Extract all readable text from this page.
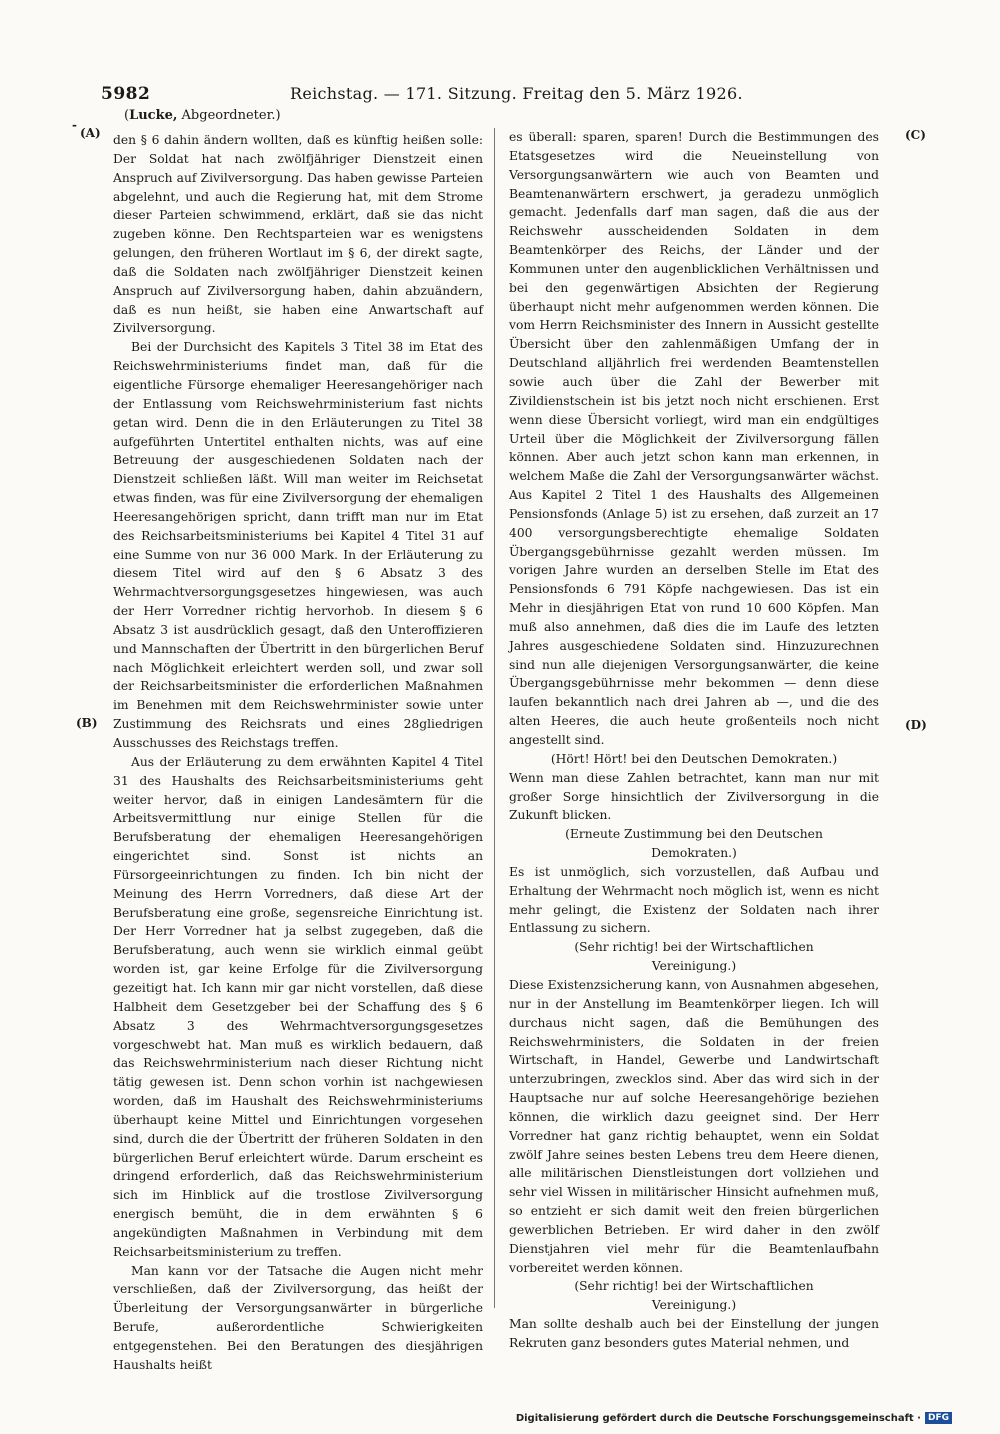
5982	Reichstag. — 171. Sitzung. Freitag den 5. März 1926.
(Lucke, Abgeordneter.)
-
(A)
(B)
(C)
(D)

den § 6 dahin ändern wollten, daß es künftig heißen solle: Der Soldat hat nach zwölfjähriger Dienstzeit einen Anspruch auf Zivilversorgung. Das haben gewisse Parteien abgelehnt, und auch die Regierung hat, mit dem Strome dieser Parteien schwimmend, erklärt, daß sie das nicht zugeben könne. Den Rechtsparteien war es wenigstens gelungen, den früheren Wortlaut im § 6, der direkt sagte, daß die Soldaten nach zwölfjähriger Dienstzeit keinen Anspruch auf Zivilversorgung haben, dahin abzuändern, daß es nun heißt, sie haben eine Anwartschaft auf Zivilversorgung.

Bei der Durchsicht des Kapitels 3 Titel 38 im Etat des Reichswehrministeriums findet man, daß für die eigentliche Fürsorge ehemaliger Heeresangehöriger nach der Entlassung vom Reichswehrministerium fast nichts getan wird. Denn die in den Erläuterungen zu Titel 38 aufgeführten Untertitel enthalten nichts, was auf eine Betreuung der ausgeschiedenen Soldaten nach der Dienstzeit schließen läßt. Will man weiter im Reichsetat etwas finden, was für eine Zivilversorgung der ehemaligen Heeresangehörigen spricht, dann trifft man nur im Etat des Reichsarbeitsministeriums bei Kapitel 4 Titel 31 auf eine Summe von nur 36 000 Mark. In der Erläuterung zu diesem Titel wird auf den § 6 Absatz 3 des Wehrmachtversorgungsgesetzes hingewiesen, was auch der Herr Vorredner richtig hervorhob. In diesem § 6 Absatz 3 ist ausdrücklich gesagt, daß den Unteroffizieren und Mannschaften der Übertritt in den bürgerlichen Beruf nach Möglichkeit erleichtert werden soll, und zwar soll der Reichsarbeitsminister die erforderlichen Maßnahmen im Benehmen mit dem Reichswehrminister sowie unter Zustimmung des Reichsrats und eines 28gliedrigen Ausschusses des Reichstags treffen.

Aus der Erläuterung zu dem erwähnten Kapitel 4 Titel 31 des Haushalts des Reichsarbeitsministeriums geht weiter hervor, daß in einigen Landesämtern für die Arbeitsvermittlung nur einige Stellen für die Berufsberatung der ehemaligen Heeresangehörigen eingerichtet sind. Sonst ist nichts an Fürsorgeeinrichtungen zu finden. Ich bin nicht der Meinung des Herrn Vorredners, daß diese Art der Berufsberatung eine große, segensreiche Einrichtung ist. Der Herr Vorredner hat ja selbst zugegeben, daß die Berufsberatung, auch wenn sie wirklich einmal geübt worden ist, gar keine Erfolge für die Zivilversorgung gezeitigt hat. Ich kann mir gar nicht vorstellen, daß diese Halbheit dem Gesetzgeber bei der Schaffung des § 6 Absatz 3 des Wehrmachtversorgungsgesetzes vorgeschwebt hat. Man muß es wirklich bedauern, daß das Reichswehrministerium nach dieser Richtung nicht tätig gewesen ist. Denn schon vorhin ist nachgewiesen worden, daß im Haushalt des Reichswehrministeriums überhaupt keine Mittel und Einrichtungen vorgesehen sind, durch die der Übertritt der früheren Soldaten in den bürgerlichen Beruf erleichtert würde. Darum erscheint es dringend erforderlich, daß das Reichswehrministerium sich im Hinblick auf die trostlose Zivilversorgung energisch bemüht, die in dem erwähnten § 6 angekündigten Maßnahmen in Verbindung mit dem Reichsarbeitsministerium zu treffen.

Man kann vor der Tatsache die Augen nicht mehr verschließen, daß der Zivilversorgung, das heißt der Überleitung der Versorgungsanwärter in bürgerliche Berufe, außerordentliche Schwierigkeiten entgegenstehen. Bei den Beratungen des diesjährigen Haushalts heißt

es überall: sparen, sparen! Durch die Bestimmungen des Etatsgesetzes wird die Neueinstellung von Versorgungsanwärtern wie auch von Beamten und Beamtenanwärtern erschwert, ja geradezu unmöglich gemacht. Jedenfalls darf man sagen, daß die aus der Reichswehr ausscheidenden Soldaten in dem Beamtenkörper des Reichs, der Länder und der Kommunen unter den augenblicklichen Verhältnissen und bei den gegenwärtigen Absichten der Regierung überhaupt nicht mehr aufgenommen werden können. Die vom Herrn Reichsminister des Innern in Aussicht gestellte Übersicht über den zahlenmäßigen Umfang der in Deutschland alljährlich frei werdenden Beamtenstellen sowie auch über die Zahl der Bewerber mit Zivildienstschein ist bis jetzt noch nicht erschienen. Erst wenn diese Übersicht vorliegt, wird man ein endgültiges Urteil über die Möglichkeit der Zivilversorgung fällen können. Aber auch jetzt schon kann man erkennen, in welchem Maße die Zahl der Versorgungsanwärter wächst. Aus Kapitel 2 Titel 1 des Haushalts des Allgemeinen Pensionsfonds (Anlage 5) ist zu ersehen, daß zurzeit an 17 400 versorgungsberechtigte ehemalige Soldaten Übergangsgebührnisse gezahlt werden müssen. Im vorigen Jahre wurden an derselben Stelle im Etat des Pensionsfonds 6 791 Köpfe nachgewiesen. Das ist ein Mehr in diesjährigen Etat von rund 10 600 Köpfen. Man muß also annehmen, daß dies die im Laufe des letzten Jahres ausgeschiedene Soldaten sind. Hinzuzurechnen sind nun alle diejenigen Versorgungsanwärter, die keine Übergangsgebührnisse mehr bekommen — denn diese laufen bekanntlich nach drei Jahren ab —, und die des alten Heeres, die auch heute großenteils noch nicht angestellt sind.

(Hört! Hört! bei den Deutschen Demokraten.)

Wenn man diese Zahlen betrachtet, kann man nur mit großer Sorge hinsichtlich der Zivilversorgung in die Zukunft blicken.

(Erneute Zustimmung bei den Deutschen

Demokraten.)

Es ist unmöglich, sich vorzustellen, daß Aufbau und Erhaltung der Wehrmacht noch möglich ist, wenn es nicht mehr gelingt, die Existenz der Soldaten nach ihrer Entlassung zu sichern.

(Sehr richtig! bei der Wirtschaftlichen

Vereinigung.)

Diese Existenzsicherung kann, von Ausnahmen abgesehen, nur in der Anstellung im Beamtenkörper liegen. Ich will durchaus nicht sagen, daß die Bemühungen des Reichswehrministers, die Soldaten in der freien Wirtschaft, in Handel, Gewerbe und Landwirtschaft unterzubringen, zwecklos sind. Aber das wird sich in der Hauptsache nur auf solche Heeresangehörige beziehen können, die wirklich dazu geeignet sind. Der Herr Vorredner hat ganz richtig behauptet, wenn ein Soldat zwölf Jahre seines besten Lebens treu dem Heere dienen, alle militärischen Dienstleistungen dort vollziehen und sehr viel Wissen in militärischer Hinsicht aufnehmen muß, so entzieht er sich damit weit den freien bürgerlichen gewerblichen Betrieben. Er wird daher in den zwölf Dienstjahren viel mehr für die Beamtenlaufbahn vorbereitet werden können.

(Sehr richtig! bei der Wirtschaftlichen

Vereinigung.)

Man sollte deshalb auch bei der Einstellung der jungen Rekruten ganz besonders gutes Material nehmen, und

Digitalisierung gefördert durch die Deutsche Forschungsgemeinschaft · DFG
